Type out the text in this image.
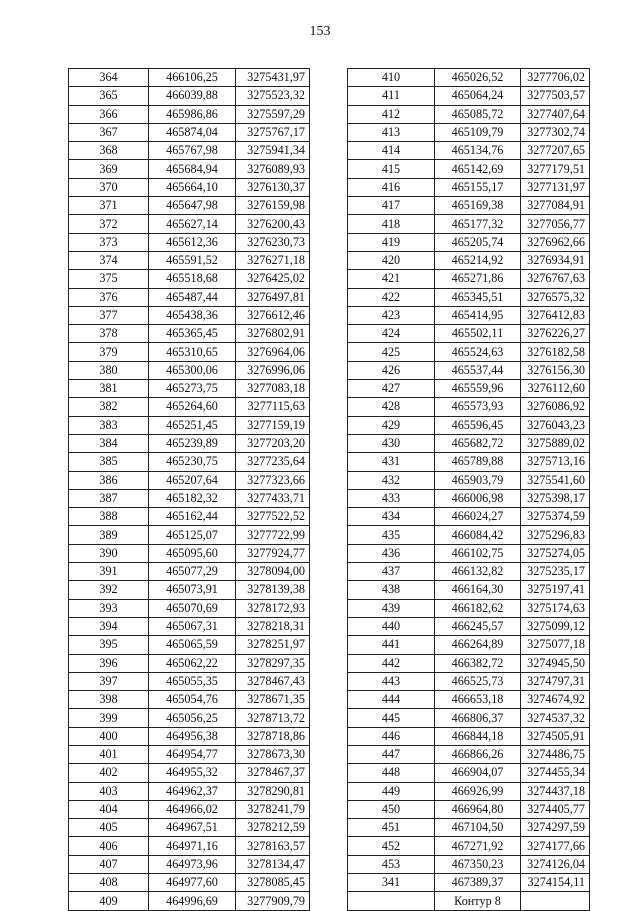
153
364	466106,25	3275431,97
365	466039,88	3275523,32
366	465986,86	3275597,29
367	465874,04	3275767,17
368	465767,98	3275941,34
369	465684,94	3276089,93
370	465664,10	3276130,37
371	465647,98	3276159,98
372	465627,14	3276200,43
373	465612,36	3276230,73
374	465591,52	3276271,18
375	465518,68	3276425,02
376	465487,44	3276497,81
377	465438,36	3276612,46
378	465365,45	3276802,91
379	465310,65	3276964,06
380	465300,06	3276996,06
381	465273,75	3277083,18
382	465264,60	3277115,63
383	465251,45	3277159,19
384	465239,89	3277203,20
385	465230,75	3277235,64
386	465207,64	3277323,66
387	465182,32	3277433,71
388	465162,44	3277522,52
389	465125,07	3277722,99
390	465095,60	3277924,77
391	465077,29	3278094,00
392	465073,91	3278139,38
393	465070,69	3278172,93
394	465067,31	3278218,31
395	465065,59	3278251,97
396	465062,22	3278297,35
397	465055,35	3278467,43
398	465054,76	3278671,35
399	465056,25	3278713,72
400	464956,38	3278718,86
401	464954,77	3278673,30
402	464955,32	3278467,37
403	464962,37	3278290,81
404	464966,02	3278241,79
405	464967,51	3278212,59
406	464971,16	3278163,57
407	464973,96	3278134,47
408	464977,60	3278085,45
409	464996,69	3277909,79
410	465026,52	3277706,02
411	465064,24	3277503,57
412	465085,72	3277407,64
413	465109,79	3277302,74
414	465134,76	3277207,65
415	465142,69	3277179,51
416	465155,17	3277131,97
417	465169,38	3277084,91
418	465177,32	3277056,77
419	465205,74	3276962,66
420	465214,92	3276934,91
421	465271,86	3276767,63
422	465345,51	3276575,32
423	465414,95	3276412,83
424	465502,11	3276226,27
425	465524,63	3276182,58
426	465537,44	3276156,30
427	465559,96	3276112,60
428	465573,93	3276086,92
429	465596,45	3276043,23
430	465682,72	3275889,02
431	465789,88	3275713,16
432	465903,79	3275541,60
433	466006,98	3275398,17
434	466024,27	3275374,59
435	466084,42	3275296,83
436	466102,75	3275274,05
437	466132,82	3275235,17
438	466164,30	3275197,41
439	466182,62	3275174,63
440	466245,57	3275099,12
441	466264,89	3275077,18
442	466382,72	3274945,50
443	466525,73	3274797,31
444	466653,18	3274674,92
445	466806,37	3274537,32
446	466844,18	3274505,91
447	466866,26	3274486,75
448	466904,07	3274455,34
449	466926,99	3274437,18
450	466964,80	3274405,77
451	467104,50	3274297,59
452	467271,92	3274177,66
453	467350,23	3274126,04
341	467389,37	3274154,11
	Контур 8	
